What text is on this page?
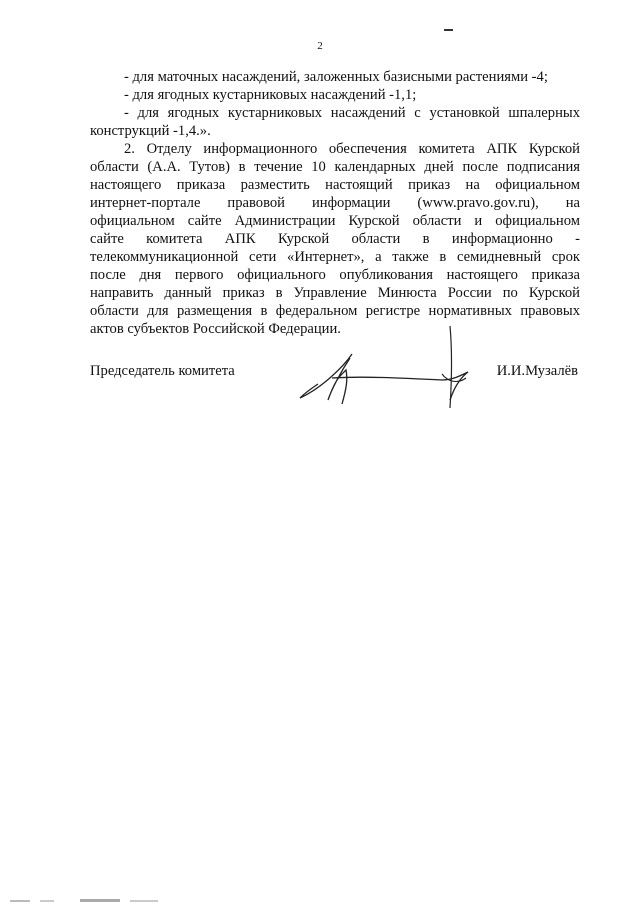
2
- для маточных насаждений, заложенных базисными растениями -4;
- для ягодных кустарниковых насаждений -1,1;
- для ягодных кустарниковых насаждений с установкой шпалерных
конструкций -1,4.».
2. Отделу информационного обеспечения комитета АПК Курской
области (А.А. Тутов) в течение 10 календарных дней после подписания
настоящего приказа разместить настоящий приказ на официальном
интернет-портале правовой информации (www.pravo.gov.ru), на
официальном сайте Администрации Курской области и официальном
сайте комитета АПК Курской области в информационно -
телекоммуникационной сети «Интернет», а также в семидневный срок
после дня первого официального опубликования настоящего приказа
направить данный приказ в Управление Минюста России по Курской
области для размещения в федеральном регистре нормативных правовых
актов субъектов Российской Федерации.
Председатель комитета	И.И.Музалёв
